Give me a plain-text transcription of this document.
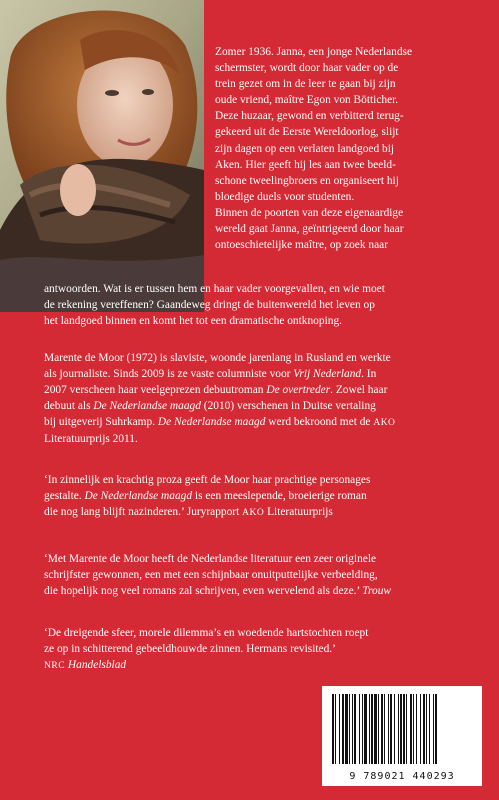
Zomer 1936. Janna, een jonge Nederlandse

schermster, wordt door haar vader op de

trein gezet om in de leer te gaan bij zijn

oude vriend, maître Egon von Bötticher.

Deze huzaar, gewond en verbitterd terug-

gekeerd uit de Eerste Wereldoorlog, slijt

zijn dagen op een verlaten landgoed bij

Aken. Hier geeft hij les aan twee beeld-

schone tweelingbroers en organiseert hij

bloedige duels voor studenten.

Binnen de poorten van deze eigenaardige

wereld gaat Janna, geïntrigeerd door haar

ontoeschietelijke maître, op zoek naar

antwoorden. Wat is er tussen hem en haar vader voorgevallen, en wie moet

de rekening vereffenen? Gaandeweg dringt de buitenwereld het leven op

het landgoed binnen en komt het tot een dramatische ontknoping.

Marente de Moor (1972) is slaviste, woonde jarenlang in Rusland en werkte

als journaliste. Sinds 2009 is ze vaste columniste voor Vrij Nederland. In

2007 verscheen haar veelgeprezen debuutroman De overtreder. Zowel haar

debuut als De Nederlandse maagd (2010) verschenen in Duitse vertaling

bij uitgeverij Suhrkamp. De Nederlandse maagd werd bekroond met de AKO

Literatuurprijs 2011.

‘In zinnelijk en krachtig proza geeft de Moor haar prachtige personages

gestalte. De Nederlandse maagd is een meeslepende, broeierige roman

die nog lang blijft nazinderen.’ Juryrapport AKO Literatuurprijs

‘Met Marente de Moor heeft de Nederlandse literatuur een zeer originele

schrijfster gewonnen, een met een schijnbaar onuitputtelijke verbeelding,

die hopelijk nog veel romans zal schrijven, even wervelend als deze.’ Trouw

‘De dreigende sfeer, morele dilemma’s en woedende hartstochten roept

ze op in schitterend gebeeldhouwde zinnen. Hermans revisited.’

NRC Handelsblad

9 789021 440293
